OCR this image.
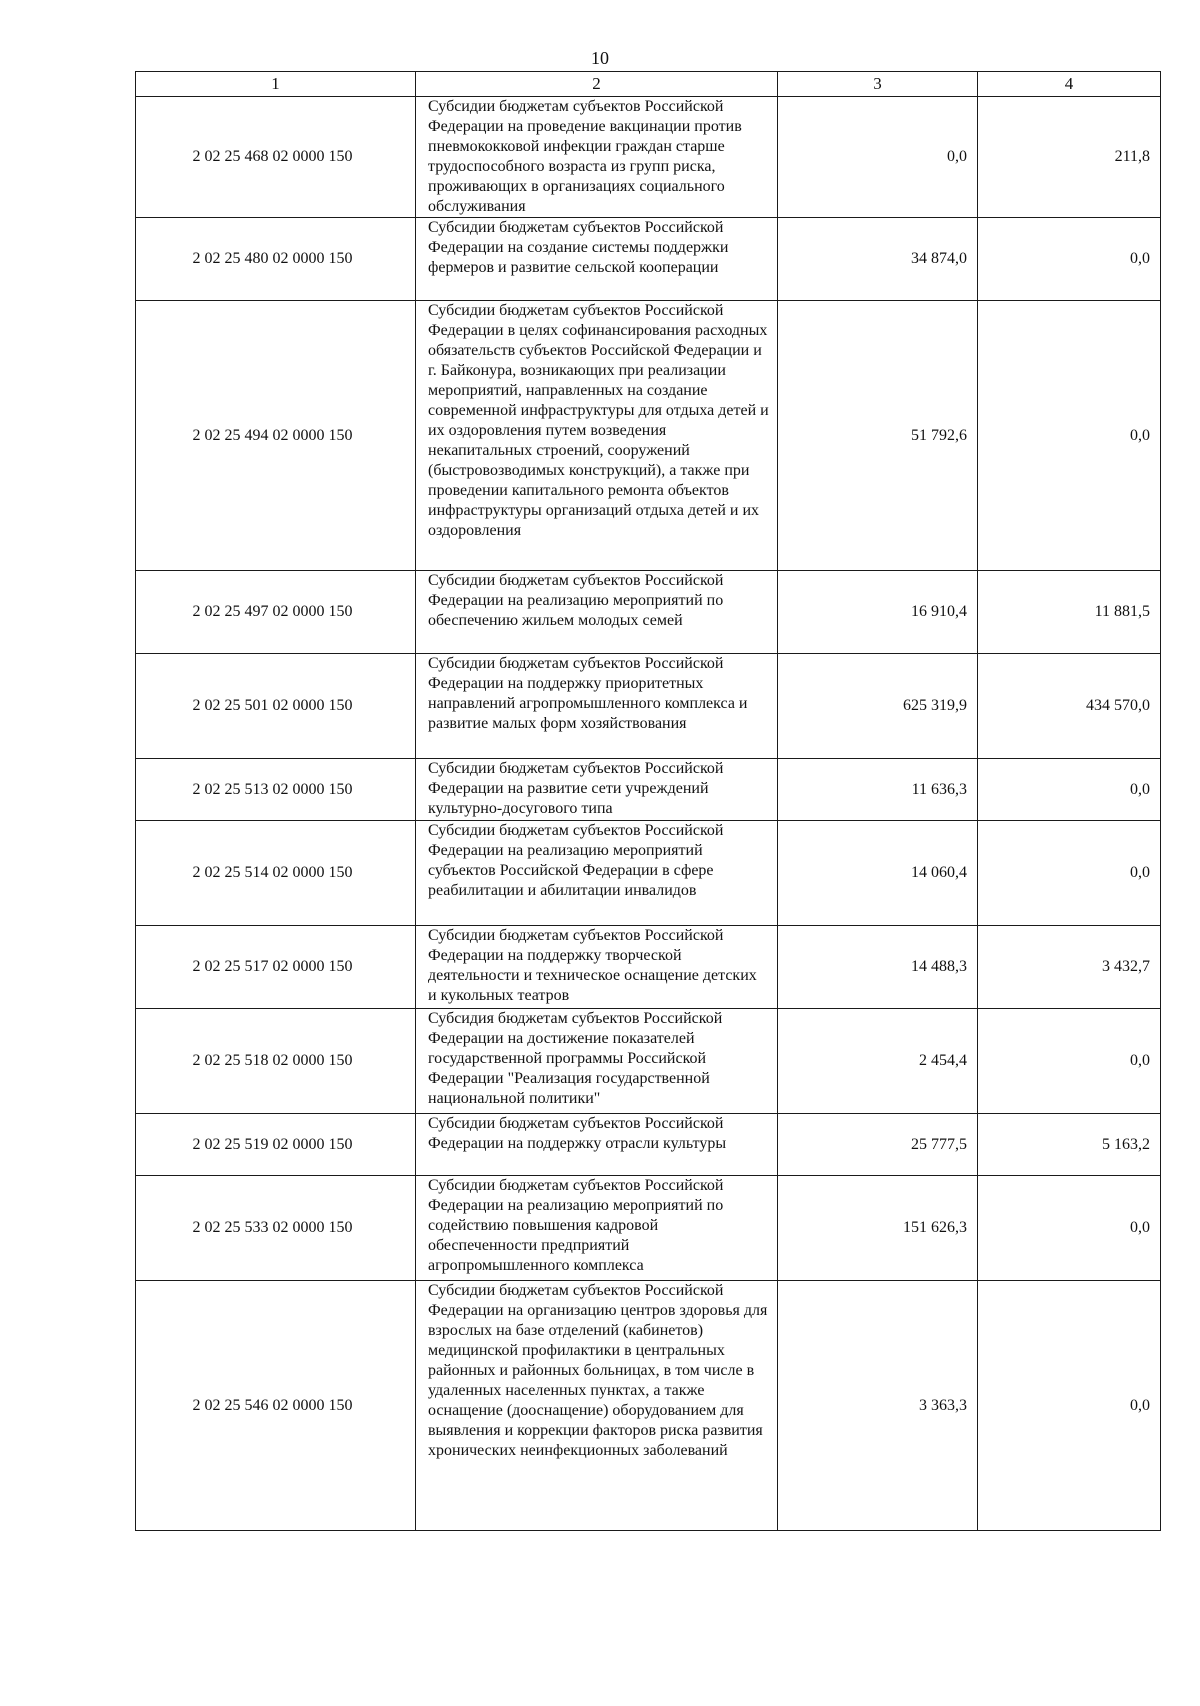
10
1	2	3	4
2 02 25 468 02 0000 150	Субсидии бюджетам субъектов Российской Федерации на проведение вакцинации против пневмококковой инфекции граждан старше трудоспособного возраста из групп риска, проживающих в организациях социального обслуживания	0,0	211,8
2 02 25 480 02 0000 150	Субсидии бюджетам субъектов Российской Федерации на создание системы поддержки фермеров и развитие сельской кооперации	34 874,0	0,0
2 02 25 494 02 0000 150	Субсидии бюджетам субъектов Российской Федерации в целях софинансирования расходных обязательств субъектов Российской Федерации и г. Байконура, возникающих при реализации мероприятий, направленных на создание современной инфраструктуры для отдыха детей и их оздоровления путем возведения некапитальных строений, сооружений (быстровозводимых конструкций), а также при проведении капитального ремонта объектов инфраструктуры организаций отдыха детей и их оздоровления	51 792,6	0,0
2 02 25 497 02 0000 150	Субсидии бюджетам субъектов Российской Федерации на реализацию мероприятий по обеспечению жильем молодых семей	16 910,4	11 881,5
2 02 25 501 02 0000 150	Субсидии бюджетам субъектов Российской Федерации на поддержку приоритетных направлений агропромышленного комплекса и развитие малых форм хозяйствования	625 319,9	434 570,0
2 02 25 513 02 0000 150	Субсидии бюджетам субъектов Российской Федерации на развитие сети учреждений культурно-досугового типа	11 636,3	0,0
2 02 25 514 02 0000 150	Субсидии бюджетам субъектов Российской Федерации на реализацию мероприятий субъектов Российской Федерации в сфере реабилитации и абилитации инвалидов	14 060,4	0,0
2 02 25 517 02 0000 150	Субсидии бюджетам субъектов Российской Федерации на поддержку творческой деятельности и техническое оснащение детских и кукольных театров	14 488,3	3 432,7
2 02 25 518 02 0000 150	Субсидия бюджетам субъектов Российской Федерации на достижение показателей государственной программы Российской Федерации "Реализация государственной национальной политики"	2 454,4	0,0
2 02 25 519 02 0000 150	Субсидии бюджетам субъектов Российской Федерации на поддержку отрасли культуры	25 777,5	5 163,2
2 02 25 533 02 0000 150	Субсидии бюджетам субъектов Российской Федерации на реализацию мероприятий по содействию повышения кадровой обеспеченности предприятий агропромышленного комплекса	151 626,3	0,0
2 02 25 546 02 0000 150	Субсидии бюджетам субъектов Российской Федерации на организацию центров здоровья для взрослых на базе отделений (кабинетов) медицинской профилактики в центральных районных и районных больницах, в том числе в удаленных населенных пунктах, а также оснащение (дооснащение) оборудованием для выявления и коррекции факторов риска развития хронических неинфекционных заболеваний	3 363,3	0,0
